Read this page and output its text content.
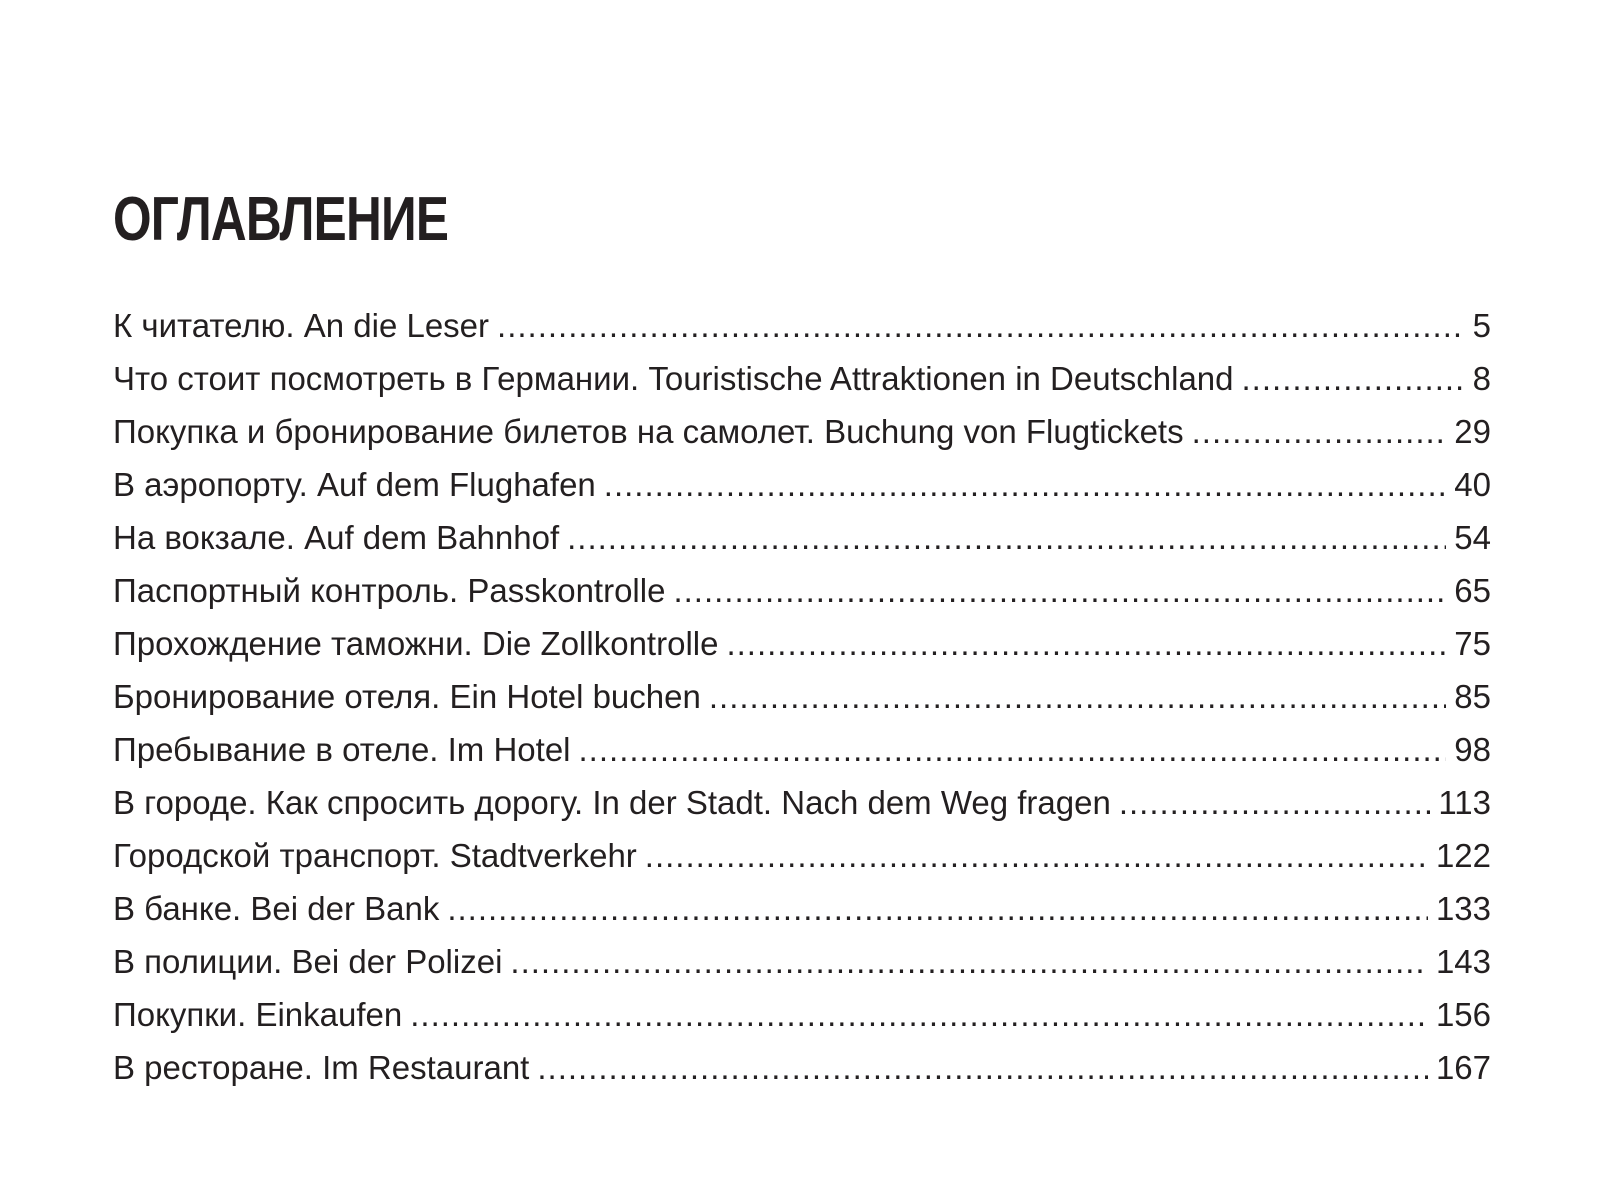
ОГЛАВЛЕНИЕ
К читателю. An die Leser .....	5
Что стоит посмотреть в Германии. Touristische Attraktionen in Deutschland .....	8
Покупка и бронирование билетов на самолет. Buchung von Flugtickets .....	29
В аэропорту. Auf dem Flughafen .....	40
На вокзале. Auf dem Bahnhof .....	54
Паспортный контроль. Passkontrolle .....	65
Прохождение таможни. Die Zollkontrolle .....	75
Бронирование отеля. Ein Hotel buchen .....	85
Пребывание в отеле. Im Hotel .....	98
В городе. Как спросить дорогу. In der Stadt. Nach dem Weg fragen .....	113
Городской транспорт. Stadtverkehr .....	122
В банке. Bei der Bank .....	133
В полиции. Bei der Polizei .....	143
Покупки. Einkaufen .....	156
В ресторане. Im Restaurant .....	167
